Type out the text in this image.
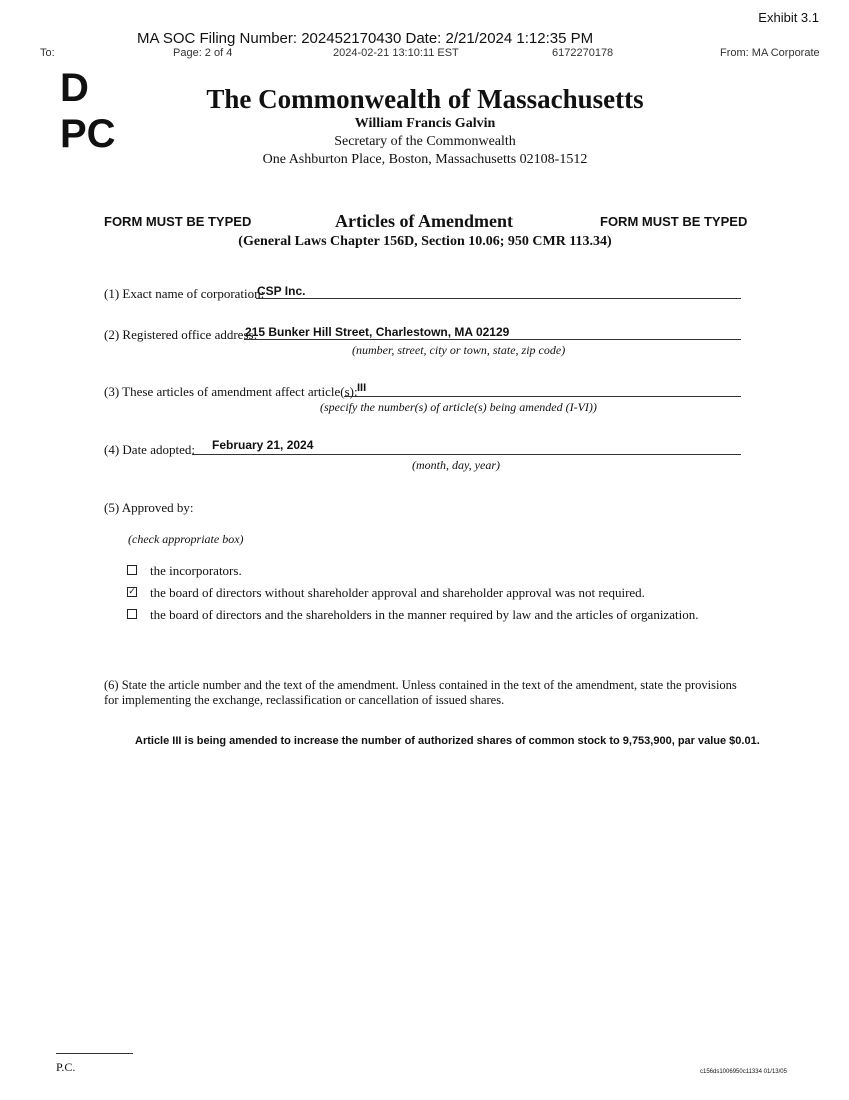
Exhibit 3.1
MA SOC Filing Number: 202452170430 Date: 2/21/2024 1:12:35 PM
To:	Page: 2 of 4	2024-02-21 13:10:11 EST	6172270178	From: MA Corporate
D
PC
The Commonwealth of Massachusetts
William Francis Galvin
Secretary of the Commonwealth
One Ashburton Place, Boston, Massachusetts 02108-1512
FORM MUST BE TYPED	Articles of Amendment	FORM MUST BE TYPED
(General Laws Chapter 156D, Section 10.06; 950 CMR 113.34)
(1) Exact name of corporation:
CSP Inc.
(2) Registered office address:
215 Bunker Hill Street, Charlestown, MA 02129
(number, street, city or town, state, zip code)
(3) These articles of amendment affect article(s): III
(specify the number(s) of article(s) being amended (I-VI))
(4) Date adopted: February 21, 2024
(month, day, year)
(5) Approved by:
(check appropriate box)
the incorporators.
✓ the board of directors without shareholder approval and shareholder approval was not required.
the board of directors and the shareholders in the manner required by law and the articles of organization.
(6) State the article number and the text of the amendment. Unless contained in the text of the amendment, state the provisions
for implementing the exchange, reclassification or cancellation of issued shares.
Article III is being amended to increase the number of authorized shares of common stock to 9,753,900, par value $0.01.
P.C.	c156ds1006950c11334 01/13/05
